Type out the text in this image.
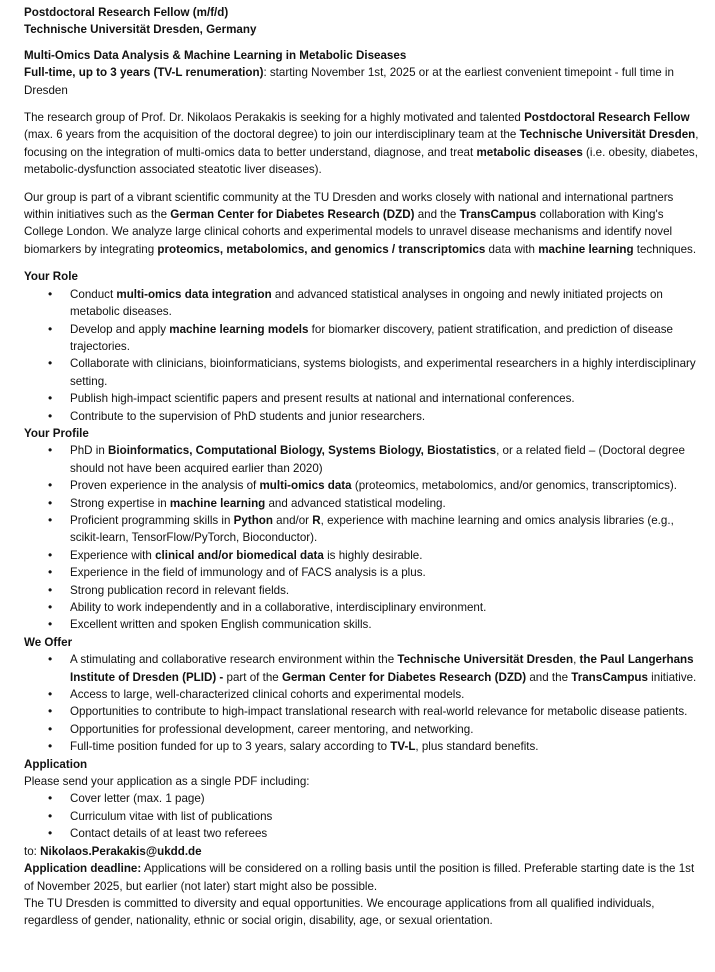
Postdoctoral Research Fellow (m/f/d)

Technische Universität Dresden, Germany

Multi-Omics Data Analysis & Machine Learning in Metabolic Diseases

Full-time, up to 3 years (TV-L renumeration): starting November 1st, 2025 or at the earliest convenient timepoint - full time in Dresden

The research group of Prof. Dr. Nikolaos Perakakis is seeking for a highly motivated and talented Postdoctoral Research Fellow (max. 6 years from the acquisition of the doctoral degree) to join our interdisciplinary team at the Technische Universität Dresden, focusing on the integration of multi-omics data to better understand, diagnose, and treat metabolic diseases (i.e. obesity, diabetes, metabolic-dysfunction associated steatotic liver diseases).

Our group is part of a vibrant scientific community at the TU Dresden and works closely with national and international partners within initiatives such as the German Center for Diabetes Research (DZD) and the TransCampus collaboration with King's College London. We analyze large clinical cohorts and experimental models to unravel disease mechanisms and identify novel biomarkers by integrating proteomics, metabolomics, and genomics / transcriptomics data with machine learning techniques.

Your Role

• Conduct multi-omics data integration and advanced statistical analyses in ongoing and newly initiated projects on metabolic diseases.
• Develop and apply machine learning models for biomarker discovery, patient stratification, and prediction of disease trajectories.
• Collaborate with clinicians, bioinformaticians, systems biologists, and experimental researchers in a highly interdisciplinary setting.
• Publish high-impact scientific papers and present results at national and international conferences.
• Contribute to the supervision of PhD students and junior researchers.

Your Profile

• PhD in Bioinformatics, Computational Biology, Systems Biology, Biostatistics, or a related field – (Doctoral degree should not have been acquired earlier than 2020)
• Proven experience in the analysis of multi-omics data (proteomics, metabolomics, and/or genomics, transcriptomics).
• Strong expertise in machine learning and advanced statistical modeling.
• Proficient programming skills in Python and/or R, experience with machine learning and omics analysis libraries (e.g., scikit-learn, TensorFlow/PyTorch, Bioconductor).
• Experience with clinical and/or biomedical data is highly desirable.
• Experience in the field of immunology and of FACS analysis is a plus.
• Strong publication record in relevant fields.
• Ability to work independently and in a collaborative, interdisciplinary environment.
• Excellent written and spoken English communication skills.

We Offer

• A stimulating and collaborative research environment within the Technische Universität Dresden, the Paul Langerhans Institute of Dresden (PLID) - part of the German Center for Diabetes Research (DZD) and the TransCampus initiative.
• Access to large, well-characterized clinical cohorts and experimental models.
• Opportunities to contribute to high-impact translational research with real-world relevance for metabolic disease patients.
• Opportunities for professional development, career mentoring, and networking.
• Full-time position funded for up to 3 years, salary according to TV-L, plus standard benefits.

Application

Please send your application as a single PDF including:

• Cover letter (max. 1 page)
• Curriculum vitae with list of publications
• Contact details of at least two referees

to: Nikolaos.Perakakis@ukdd.de

Application deadline: Applications will be considered on a rolling basis until the position is filled. Preferable starting date is the 1st of November 2025, but earlier (not later) start might also be possible.

The TU Dresden is committed to diversity and equal opportunities. We encourage applications from all qualified individuals, regardless of gender, nationality, ethnic or social origin, disability, age, or sexual orientation.
